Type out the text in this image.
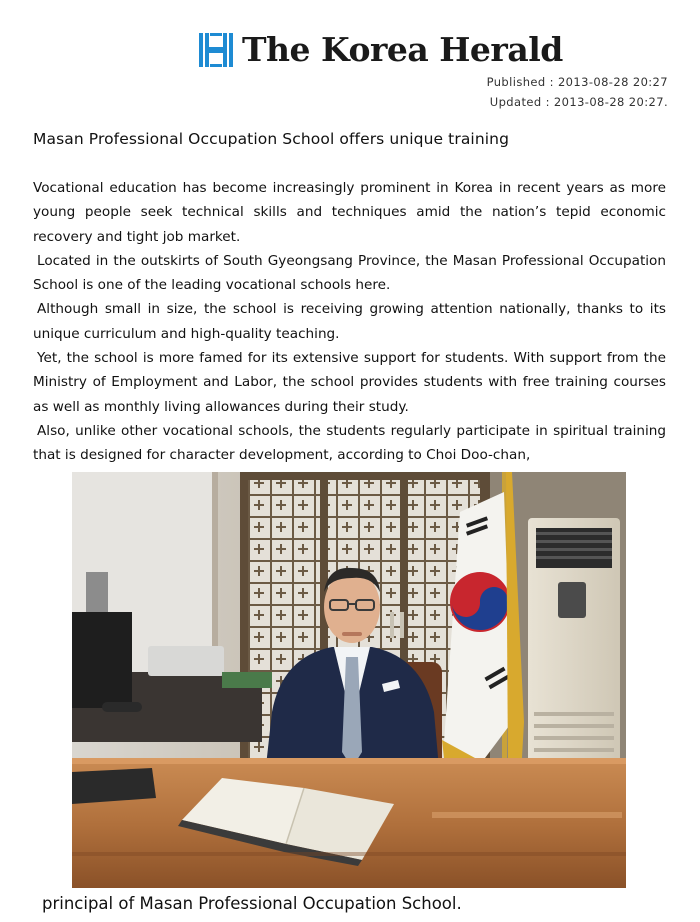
The Korea Herald
Published : 2013-08-28 20:27
Updated : 2013-08-28 20:27.
Masan Professional Occupation School offers unique training

Vocational education has become increasingly prominent in Korea in recent years as more young people seek technical skills and techniques amid the nation’s tepid economic recovery and tight job market.

Located in the outskirts of South Gyeongsang Province, the Masan Professional Occupation School is one of the leading vocational schools here.

Although small in size, the school is receiving growing attention nationally, thanks to its unique curriculum and high-quality teaching.

Yet, the school is more famed for its extensive support for students. With support from the Ministry of Employment and Labor, the school provides students with free training courses as well as monthly living allowances during their study.

Also, unlike other vocational schools, the students regularly participate in spiritual training that is designed for character development, according to Choi Doo-chan,

principal of Masan Professional Occupation School.
